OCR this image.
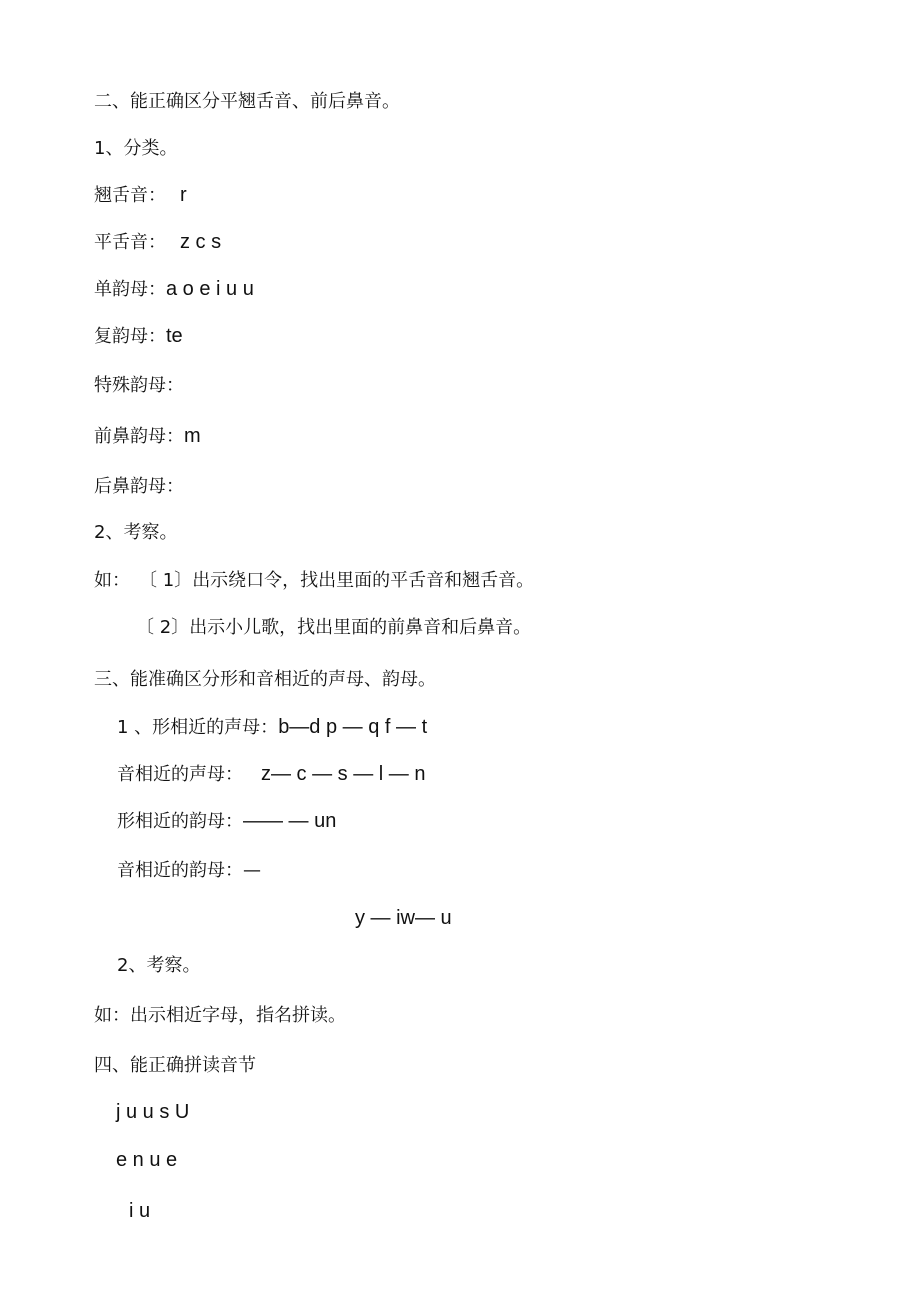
二、能正确区分平翘舌音、前后鼻音。

1、分类。

翘舌音： r

平舌音： z c s

单韵母：a o e i u u

复韵母：te

特殊韵母：

前鼻韵母：m

后鼻韵母：

2、考察。

如： 〔 1〕出示绕口令，找出里面的平舌音和翘舌音。

〔 2〕出示小儿歌，找出里面的前鼻音和后鼻音。

三、能准确区分形和音相近的声母、韵母。

1 、形相近的声母：b—d p — q f — t

音相近的声母： z— c — s — l — n

形相近的韵母：—— — un

音相近的韵母：—

y — iw— u

2、考察。

如：出示相近字母，指名拼读。

四、能正确拼读音节

j u u s U

e n u e

i u
